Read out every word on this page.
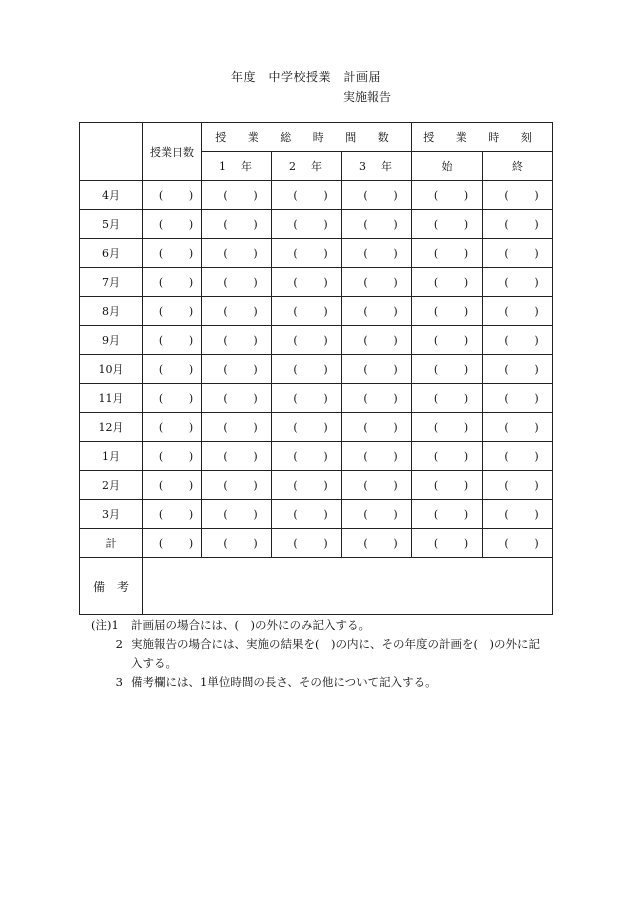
年度　中学校授業　計画届
実施報告
	授業日数	授 業 総 時 間 数			授 業 時 刻	
		1　年	2　年	3　年	始	終
4月	( )	( )	( )	( )	( )	( )
5月	( )	( )	( )	( )	( )	( )
6月	( )	( )	( )	( )	( )	( )
7月	( )	( )	( )	( )	( )	( )
8月	( )	( )	( )	( )	( )	( )
9月	( )	( )	( )	( )	( )	( )
10月	( )	( )	( )	( )	( )	( )
11月	( )	( )	( )	( )	( )	( )
12月	( )	( )	( )	( )	( )	( )
1月	( )	( )	( )	( )	( )	( )
2月	( )	( )	( )	( )	( )	( )
3月	( )	( )	( )	( )	( )	( )
計	( )	( )	( )	( )	( )	( )
備　考						
(注)1	計画届の場合には、(　)の外にのみ記入する。
2 実施報告の場合には、実施の結果を(　)の内に、その年度の計画を(　)の外に記
入する。
3 備考欄には、1単位時間の長さ、その他について記入する。
